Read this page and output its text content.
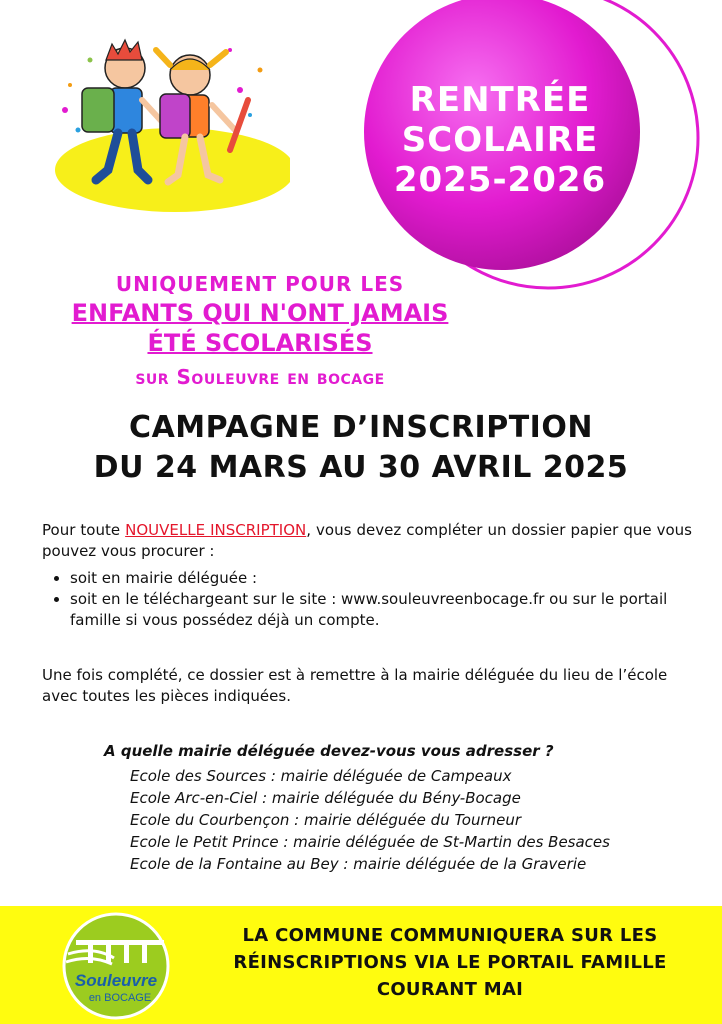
RENTRÉE
SCOLAIRE
2025-2026
UNIQUEMENT POUR LES
ENFANTS QUI N'ONT JAMAIS
ÉTÉ SCOLARISÉS
sur Souleuvre en bocage
CAMPAGNE D’INSCRIPTION
DU 24 MARS AU 30 AVRIL 2025
Pour toute NOUVELLE INSCRIPTION, vous devez compléter un dossier papier que vous pouvez vous procurer :
• soit en mairie déléguée :
• soit en le téléchargeant sur le site : www.souleuvreenbocage.fr ou sur le portail famille si vous possédez déjà un compte.
Une fois complété, ce dossier est à remettre à la mairie déléguée du lieu de l’école avec toutes les pièces indiquées.
A quelle mairie déléguée devez-vous vous adresser ?
Ecole des Sources : mairie déléguée de Campeaux
Ecole Arc-en-Ciel : mairie déléguée du Bény-Bocage
Ecole du Courbençon : mairie déléguée du Tourneur
Ecole le Petit Prince : mairie déléguée de St-Martin des Besaces
Ecole de la Fontaine au Bey : mairie déléguée de la Graverie
Souleuvre
en BOCAGE
LA COMMUNE COMMUNIQUERA SUR LES
RÉINSCRIPTIONS VIA LE PORTAIL FAMILLE
COURANT MAI
